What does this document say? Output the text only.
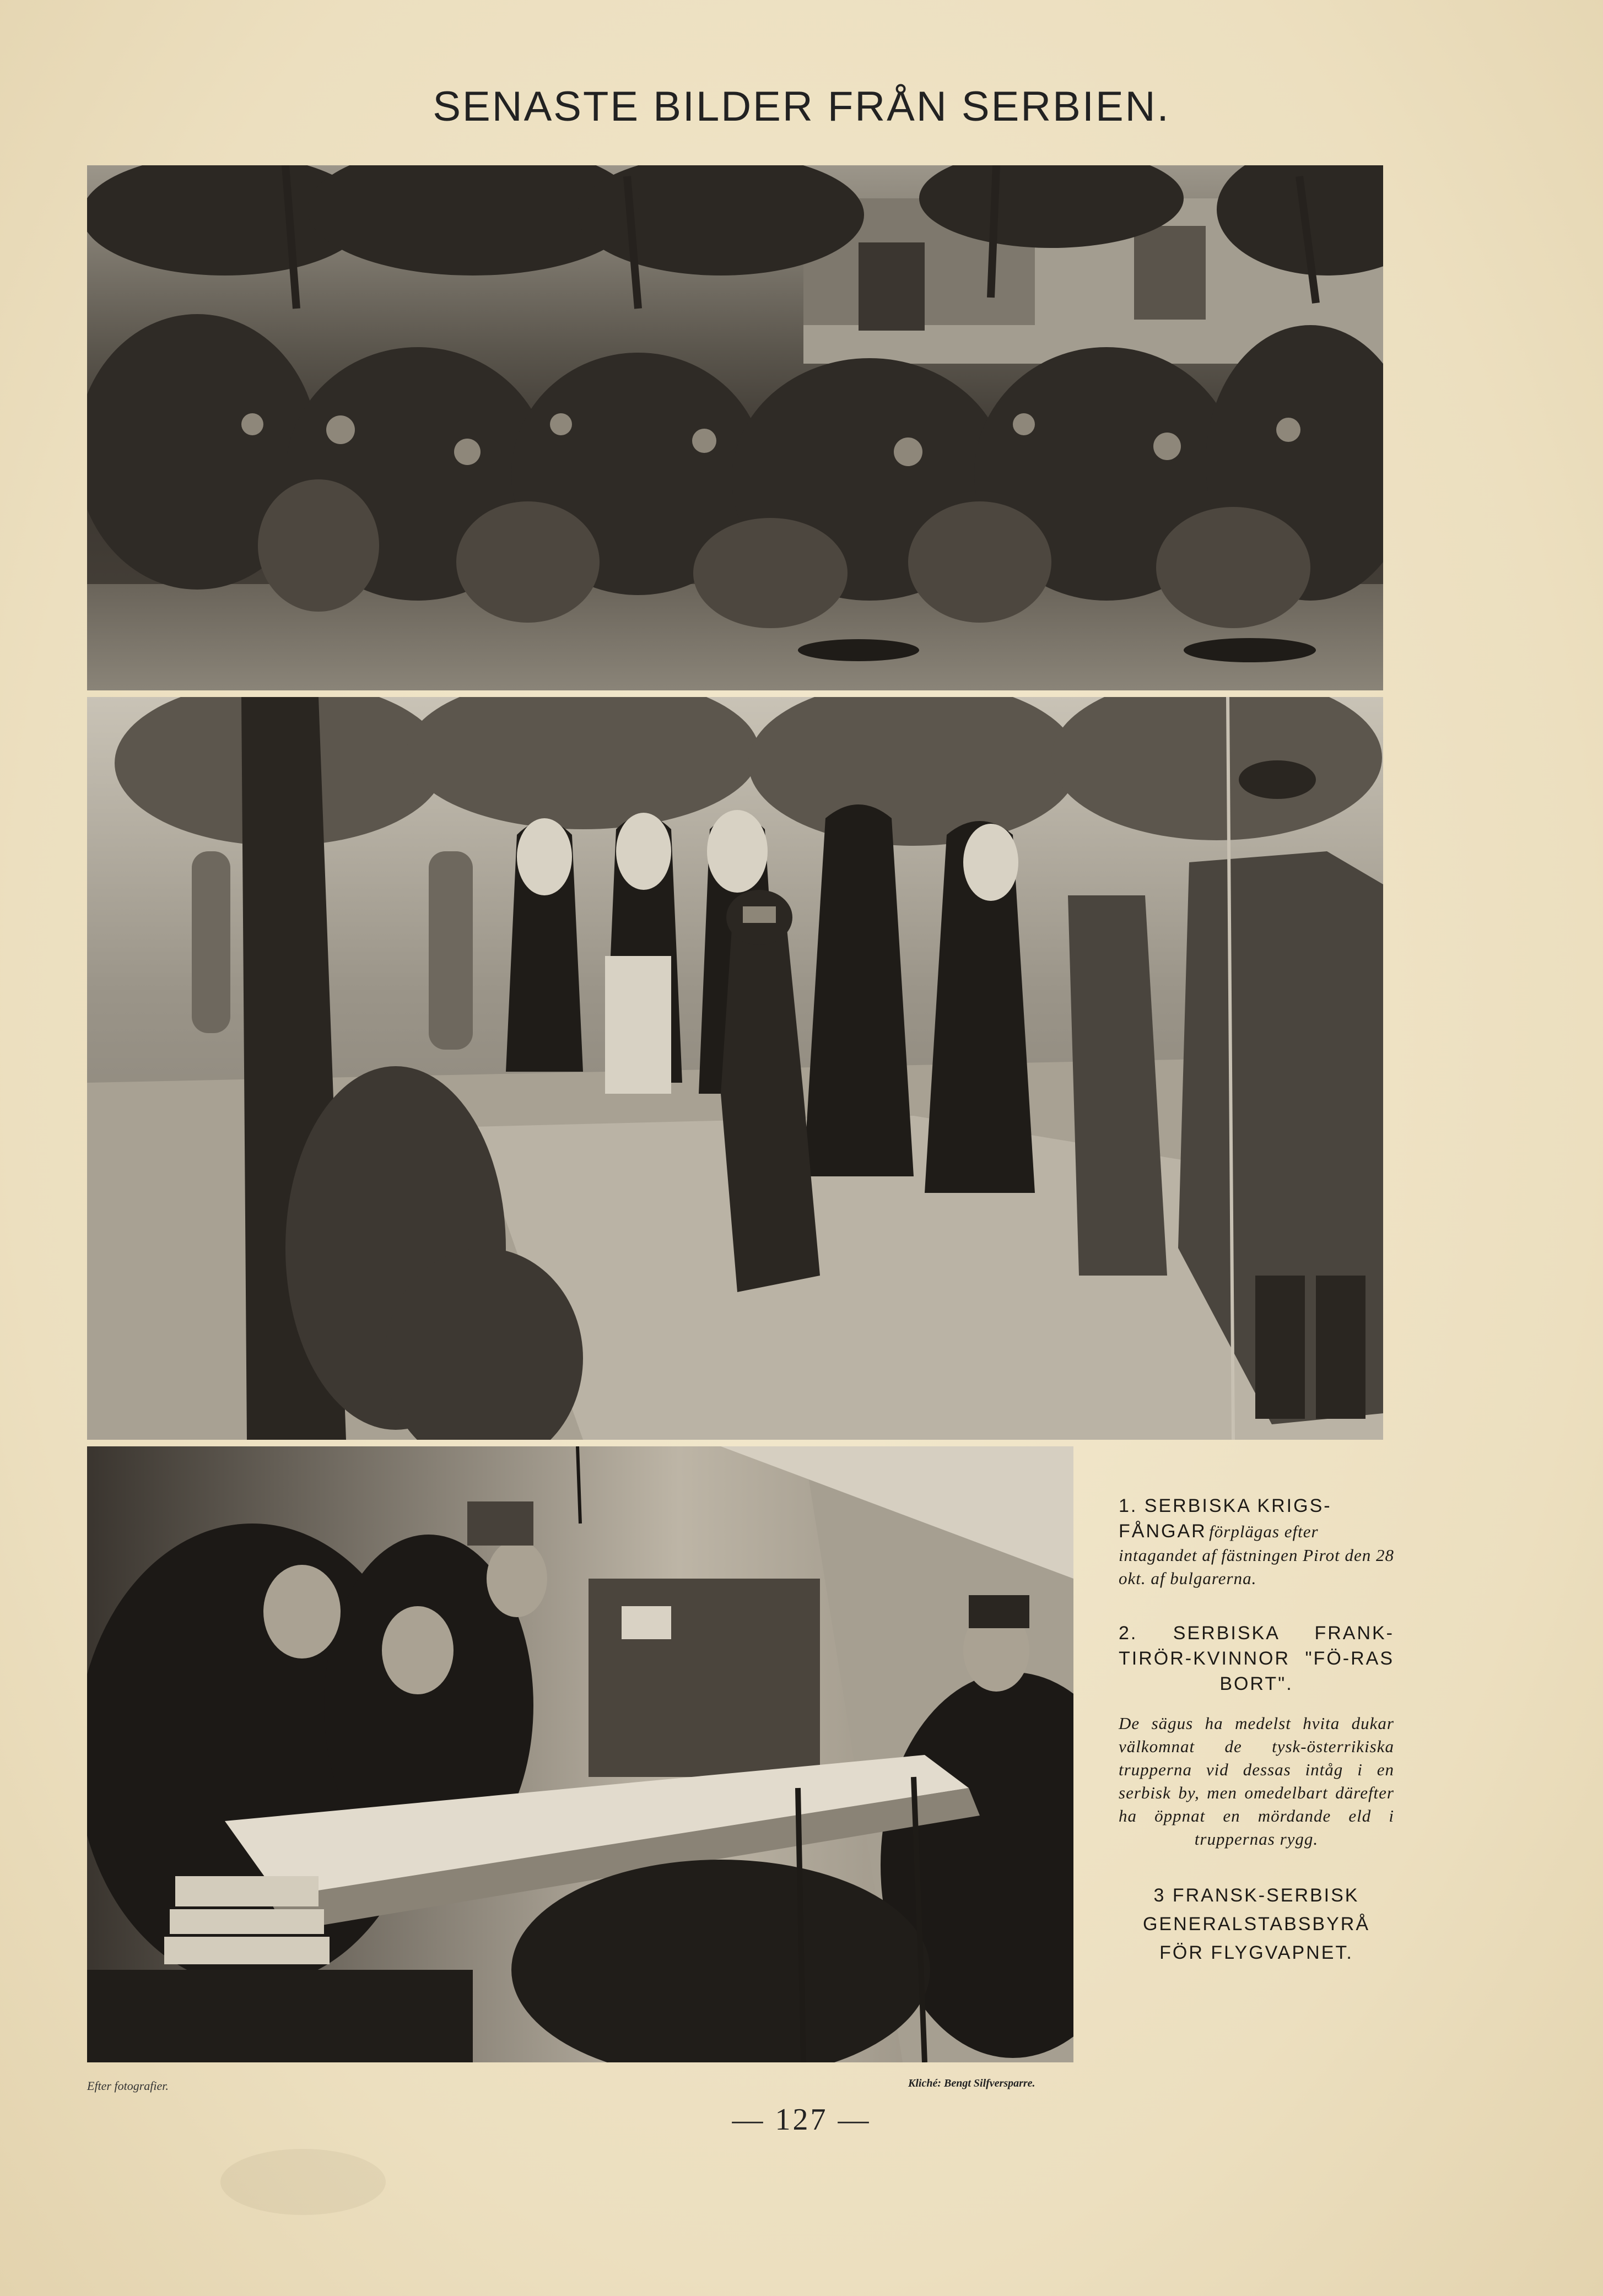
SENASTE BILDER FRÅN SERBIEN.
1. SERBISKA KRIGS-
FÅNGAR förplägas efter intagandet af fästningen Pirot den 28 okt. af bulgarerna.
2. SERBISKA FRANK-TIRÖR-KVINNOR "FÖ-RAS BORT".
De sägus ha medelst hvita dukar välkomnat de tysk-österrikiska trupperna vid dessas intåg i en serbisk by, men omedelbart därefter ha öppnat en mördande eld i truppernas rygg.
3 FRANSK-SERBISK GENERALSTABSBYRÅ FÖR FLYGVAPNET.
Efter fotografier.	Kliché: Bengt Silfversparre.
— 127 —
